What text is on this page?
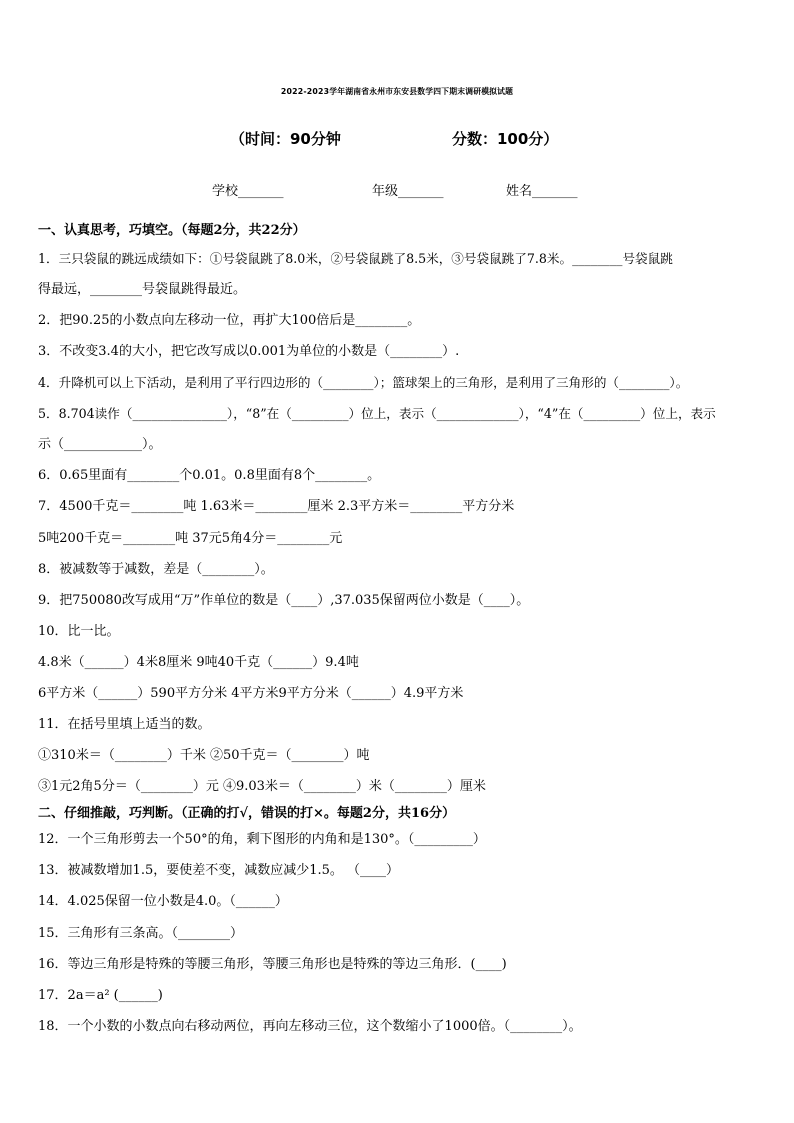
2022-2023学年湖南省永州市东安县数学四下期末调研模拟试题
（时间：90分钟	分数：100分）
学校_______	年级_______	姓名_______
一、认真思考，巧填空。（每题2分，共22分）
1．三只袋鼠的跳远成绩如下：①号袋鼠跳了8.0米，②号袋鼠跳了8.5米，③号袋鼠跳了7.8米。________号袋鼠跳
得最远，________号袋鼠跳得最近。
2．把90.25的小数点向左移动一位，再扩大100倍后是________。
3．不改变3.4的大小，把它改写成以0.001为单位的小数是（________）.
4．升降机可以上下活动，是利用了平行四边形的（________）；篮球架上的三角形，是利用了三角形的（________）。
5．8.704读作（_______________），“8”在（_________）位上，表示（_____________），“4”在（_________）位上，表示
示（____________）。
6．0.65里面有________个0.01。0.8里面有8个________。
7．4500千克＝________吨 1.63米＝________厘米 2.3平方米＝________平方分米
5吨200千克＝________吨 37元5角4分＝________元
8．被减数等于减数，差是（________）。
9．把750080改写成用“万”作单位的数是（____）,37.035保留两位小数是（____）。
10．比一比。
4.8米（______）4米8厘米 9吨40千克（______）9.4吨
6平方米（______）590平方分米 4平方米9平方分米（______）4.9平方米
11．在括号里填上适当的数。
①310米＝（________）千米 ②50千克＝（________）吨
③1元2角5分＝（________）元 ④9.03米＝（________）米（________）厘米
二、仔细推敲，巧判断。（正确的打√，错误的打×。每题2分，共16分）
12．一个三角形剪去一个50°的角，剩下图形的内角和是130°。（_________）
13．被减数增加1.5，要使差不变，减数应减少1.5。 （____）
14．4.025保留一位小数是4.0。（______）
15．三角形有三条高。（________）
16．等边三角形是特殊的等腰三角形，等腰三角形也是特殊的等边三角形．(____)
17．2a＝a² (______)
18．一个小数的小数点向右移动两位，再向左移动三位，这个数缩小了1000倍。（________）。
